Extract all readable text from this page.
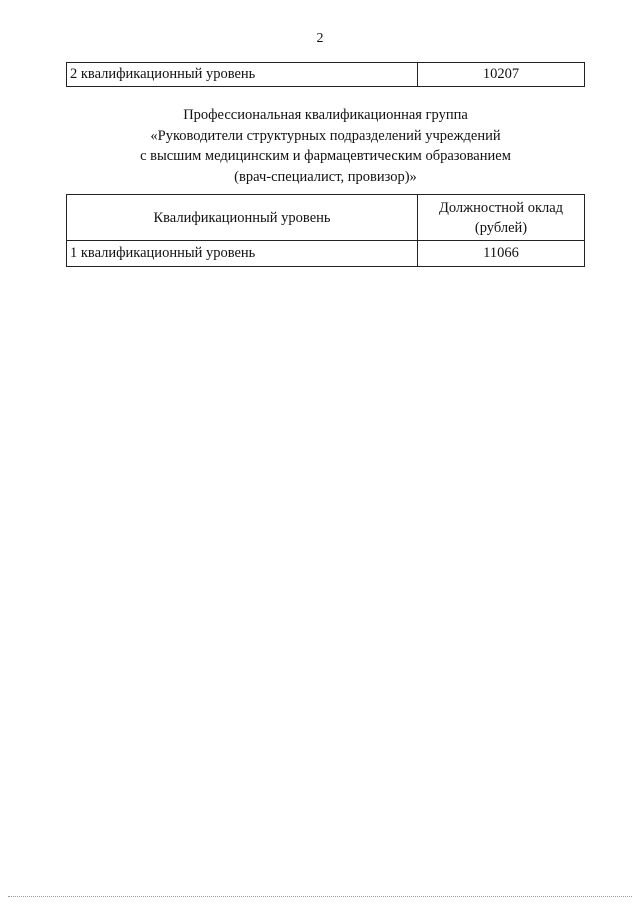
2
2 квалификационный уровень	10207
Профессиональная квалификационная группа
«Руководители структурных подразделений учреждений
с высшим медицинским и фармацевтическим образованием
(врач-специалист, провизор)»
Квалификационный уровень	Должностной оклад
(рублей)

1 квалификационный уровень	11066
